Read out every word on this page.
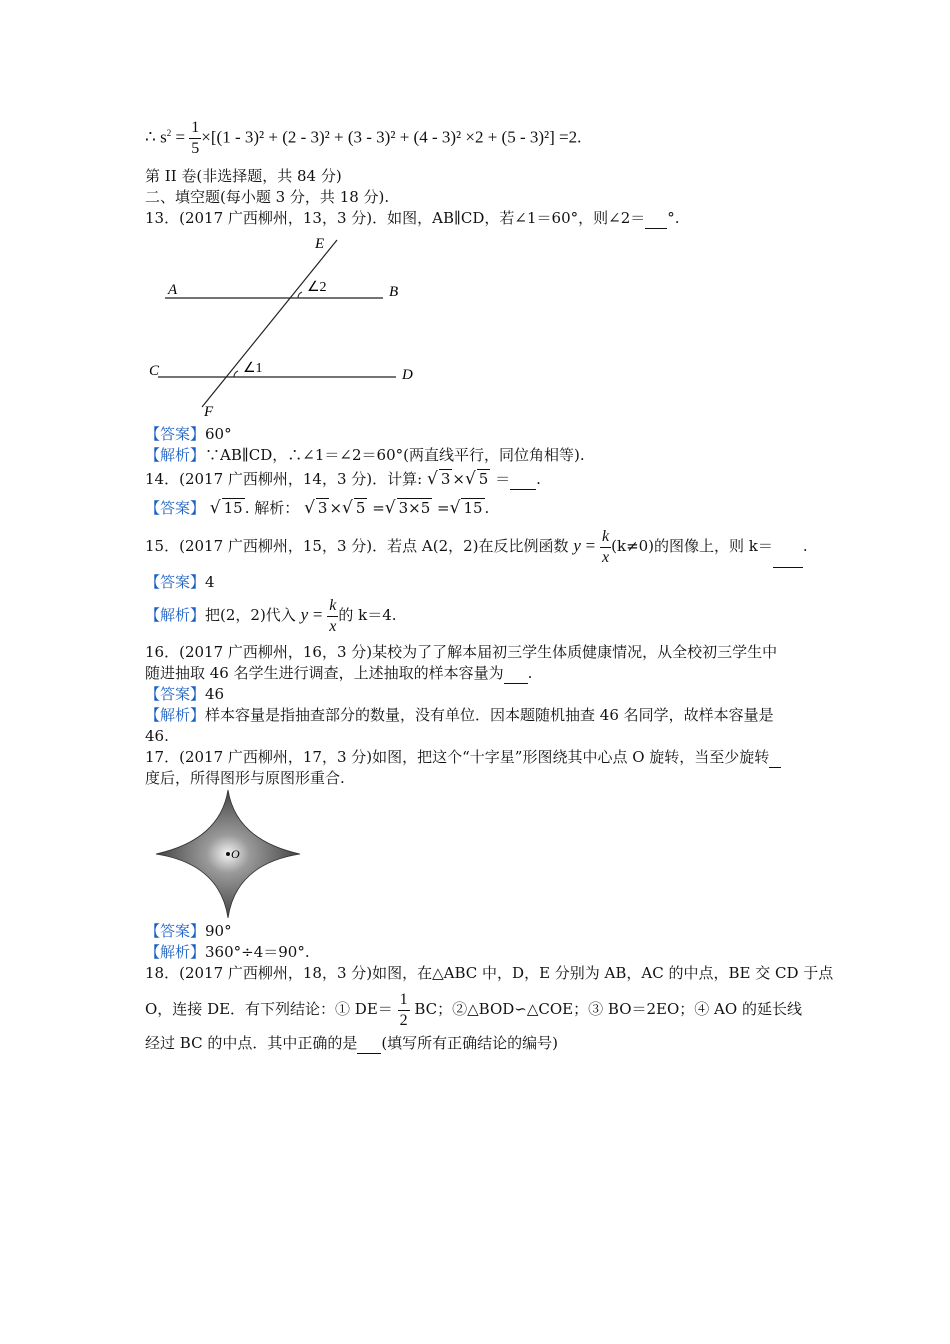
∴ $s^2 = \frac{1}{5} \times[(1 - 3)^2 + (2 - 3)^2 + (3 - 3)^2 + (4 - 3)^2 \times 2 + (5 - 3)^2] =2$.
第 II 卷(非选择题，共 84 分)
二、填空题(每小题 3 分，共 18 分).
13．(2017 广西柳州，13，3 分)．如图，AB∥CD，若∠1＝60°，则∠2＝ °.
E
A	B
∠2
C	D
∠1
F
【答案】60°
【解析】∵AB∥CD，∴∠1＝∠2＝60°(两直线平行，同位角相等).
14．(2017 广西柳州，14，3 分)．计算: √ 3 ×√ 5 ＝ .
【答案】 √ 15 . 解析： √ 3 ×√ 5 =√ 3×5 =√ 15 .
15．(2017 广西柳州，15，3 分)．若点 A(2，2)在反比例函数 $y = \frac{k}{x} (k\ne 0)$的图像上，则 k＝ .
【答案】4
【解析】把(2，2)代入 $y = \frac{k}{x}$ 的 k＝4.
16．(2017 广西柳州，16，3 分)某校为了了解本届初三学生体质健康情况，从全校初三学生中
随进抽取 46 名学生进行调查，上述抽取的样本容量为 .
【答案】46
【解析】样本容量是指抽查部分的数量，没有单位．因本题随机抽查 46 名同学，故样本容量是
46.
17．(2017 广西柳州，17，3 分)如图，把这个“十字星”形图绕其中心点 O 旋转，当至少旋转
度后，所得图形与原图形重合.
O
【答案】90°
【解析】360°÷4＝90°.
18．(2017 广西柳州，18，3 分)如图，在△ABC 中，D，E 分别为 AB，AC 的中点，BE 交 CD 于点
O，连接 DE．有下列结论：① $DE= \frac{1}{2}$ BC；②△BOD∽△COE；③ BO＝2EO；④ AO 的延长线
经过 BC 的中点．其中正确的是 (填写所有正确结论的编号)
